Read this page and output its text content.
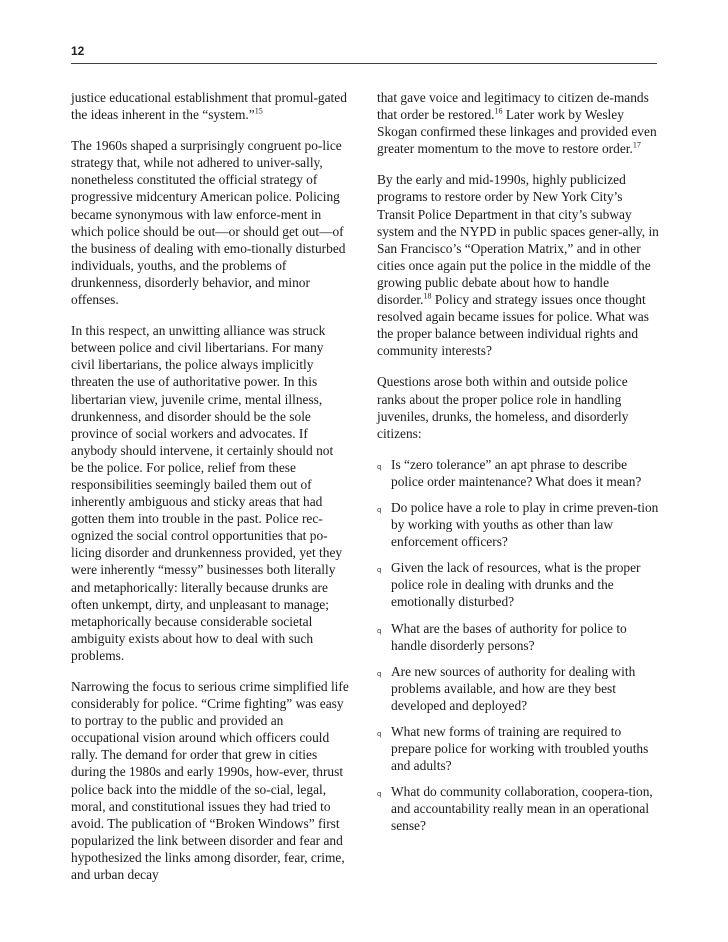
12

justice educational establishment that promul-gated the ideas inherent in the “system.”$^{15}$

The 1960s shaped a surprisingly congruent po-lice strategy that, while not adhered to univer-sally, nonetheless constituted the official strategy of progressive midcentury American police. Policing became synonymous with law enforce-ment in which police should be out—or should get out—of the business of dealing with emo-tionally disturbed individuals, youths, and the problems of drunkenness, disorderly behavior, and minor offenses.

In this respect, an unwitting alliance was struck between police and civil libertarians. For many civil libertarians, the police always implicitly threaten the use of authoritative power. In this libertarian view, juvenile crime, mental illness, drunkenness, and disorder should be the sole province of social workers and advocates. If anybody should intervene, it certainly should not be the police. For police, relief from these responsibilities seemingly bailed them out of inherently ambiguous and sticky areas that had gotten them into trouble in the past. Police rec-ognized the social control opportunities that po-licing disorder and drunkenness provided, yet they were inherently “messy” businesses both literally and metaphorically: literally because drunks are often unkempt, dirty, and unpleasant to manage; metaphorically because considerable societal ambiguity exists about how to deal with such problems.

Narrowing the focus to serious crime simplified life considerably for police. “Crime fighting” was easy to portray to the public and provided an occupational vision around which officers could rally. The demand for order that grew in cities during the 1980s and early 1990s, how-ever, thrust police back into the middle of the so-cial, legal, moral, and constitutional issues they had tried to avoid. The publication of “Broken Windows” first popularized the link between disorder and fear and hypothesized the links among disorder, fear, crime, and urban decay

that gave voice and legitimacy to citizen de-mands that order be restored.$^{16}$ Later work by Wesley Skogan confirmed these linkages and provided even greater momentum to the move to restore order.$^{17}$

By the early and mid-1990s, highly publicized programs to restore order by New York City’s Transit Police Department in that city’s subway system and the NYPD in public spaces gener-ally, in San Francisco’s “Operation Matrix,” and in other cities once again put the police in the middle of the growing public debate about how to handle disorder.$^{18}$ Policy and strategy issues once thought resolved again became issues for police. What was the proper balance between individual rights and community interests?

Questions arose both within and outside police ranks about the proper police role in handling juveniles, drunks, the homeless, and disorderly citizens:

q Is “zero tolerance” an apt phrase to describe police order maintenance? What does it mean?
q Do police have a role to play in crime preven-tion by working with youths as other than law enforcement officers?
q Given the lack of resources, what is the proper police role in dealing with drunks and the emotionally disturbed?
q What are the bases of authority for police to handle disorderly persons?
q Are new sources of authority for dealing with problems available, and how are they best developed and deployed?
q What new forms of training are required to prepare police for working with troubled youths and adults?
q What do community collaboration, coopera-tion, and accountability really mean in an operational sense?
